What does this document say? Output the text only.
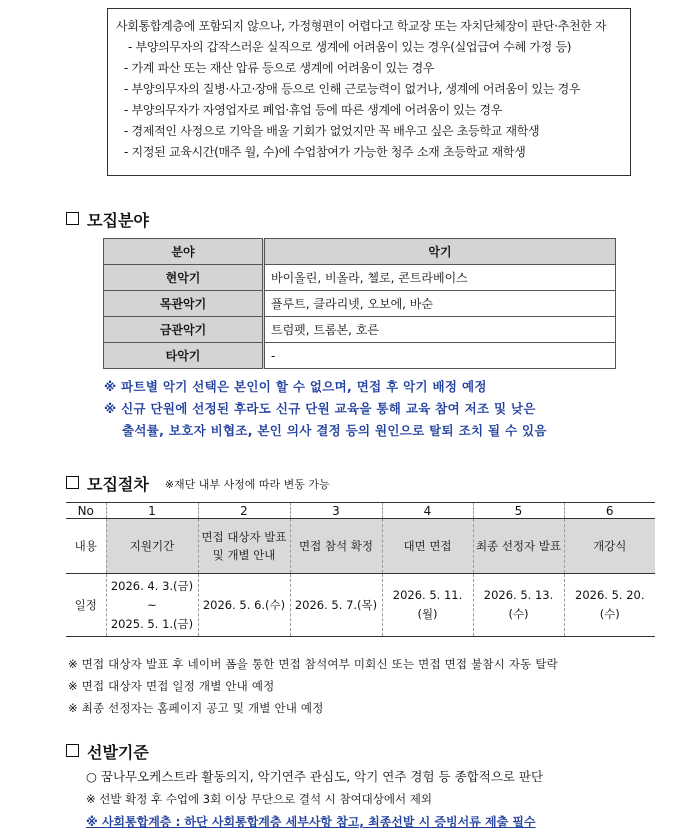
사회통합계층에 포함되지 않으나, 가정형편이 어렵다고 학교장 또는 자치단체장이 판단·추천한 자
- 부양의무자의 갑작스러운 실직으로 생계에 어려움이 있는 경우(실업급여 수혜 가정 등)
- 가계 파산 또는 재산 압류 등으로 생계에 어려움이 있는 경우
- 부양의무자의 질병·사고·장애 등으로 인해 근로능력이 없거나, 생계에 어려움이 있는 경우
- 부양의무자가 자영업자로 폐업·휴업 등에 따른 생계에 어려움이 있는 경우
- 경제적인 사정으로 기악을 배울 기회가 없었지만 꼭 배우고 싶은 초등학교 재학생
- 지정된 교육시간(매주 월, 수)에 수업참여가 가능한 청주 소재 초등학교 재학생
모집분야
분야	악기
현악기	바이올린, 비올라, 첼로, 콘트라베이스
목관악기	플루트, 클라리넷, 오보에, 바순
금관악기	트럼펫, 트롬본, 호른
타악기	-
※ 파트별 악기 선택은 본인이 할 수 없으며, 면접 후 악기 배정 예정
※ 신규 단원에 선정된 후라도 신규 단원 교육을 통해 교육 참여 저조 및 낮은
출석률, 보호자 비협조, 본인 의사 결정 등의 원인으로 탈퇴 조치 될 수 있음
모집절차 ※재단 내부 사정에 따라 변동 가능
No	1	2	3	4	5	6
내용	지원기간	면접 대상자 발표 및 개별 안내	면접 참석 확정	대면 면접	최종 선정자 발표	개강식
일정	2026. 4. 3.(금)
~
2025. 5. 1.(금)	2026. 5. 6.(수)	2026. 5. 7.(목)	2026. 5. 11.(월)	2026. 5. 13.(수)	2026. 5. 20.(수)
※ 면접 대상자 발표 후 네이버 폼을 통한 면접 참석여부 미회신 또는 면접 면접 불참시 자동 탈락
※ 면접 대상자 면접 일정 개별 안내 예정
※ 최종 선정자는 홈페이지 공고 및 개별 안내 예정
선발기준
○ 꿈나무오케스트라 활동의지, 악기연주 관심도, 악기 연주 경험 등 종합적으로 판단
※ 선발 확정 후 수업에 3회 이상 무단으로 결석 시 참여대상에서 제외
※ 사회통합계층 : 하단 사회통합계층 세부사항 참고, 최종선발 시 증빙서류 제출 필수
